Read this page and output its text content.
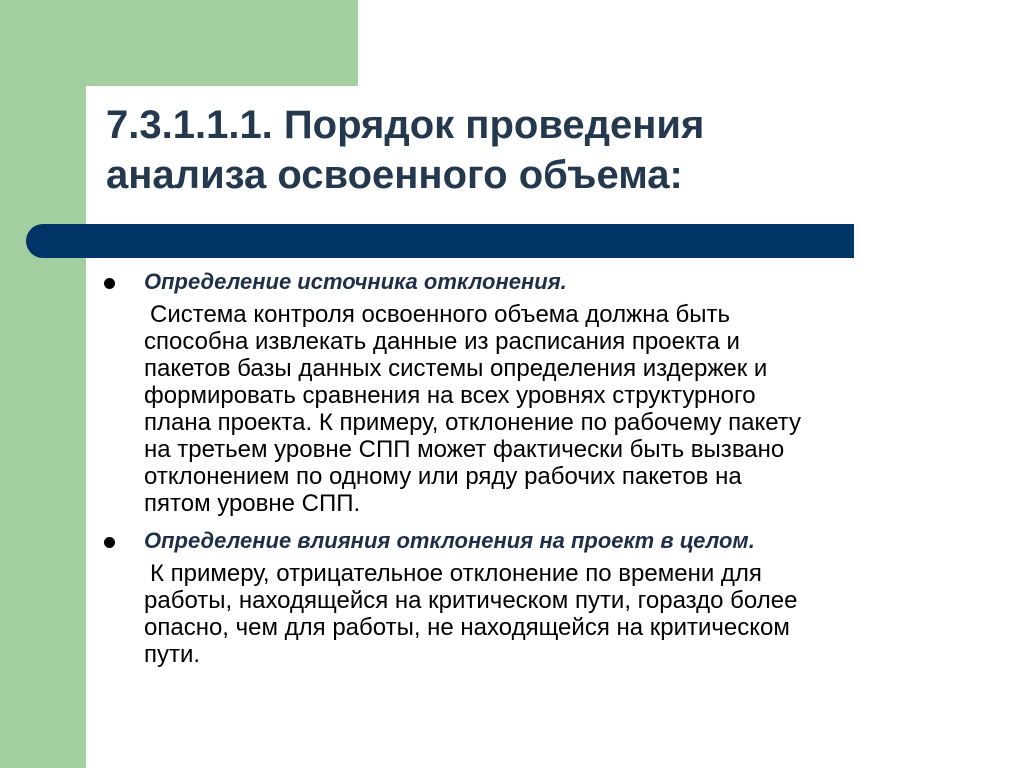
7.3.1.1.1. Порядок проведения
анализа освоенного объема:
Определение источника отклонения.
Система контроля освоенного объема должна быть
способна извлекать данные из расписания проекта и
пакетов базы данных системы определения издержек и
формировать сравнения на всех уровнях структурного
плана проекта. К примеру, отклонение по рабочему пакету
на третьем уровне СПП может фактически быть вызвано
отклонением по одному или ряду рабочих пакетов на
пятом уровне СПП.
Определение влияния отклонения на проект в целом.
К примеру, отрицательное отклонение по времени для
работы, находящейся на критическом пути, гораздо более
опасно, чем для работы, не находящейся на критическом
пути.
